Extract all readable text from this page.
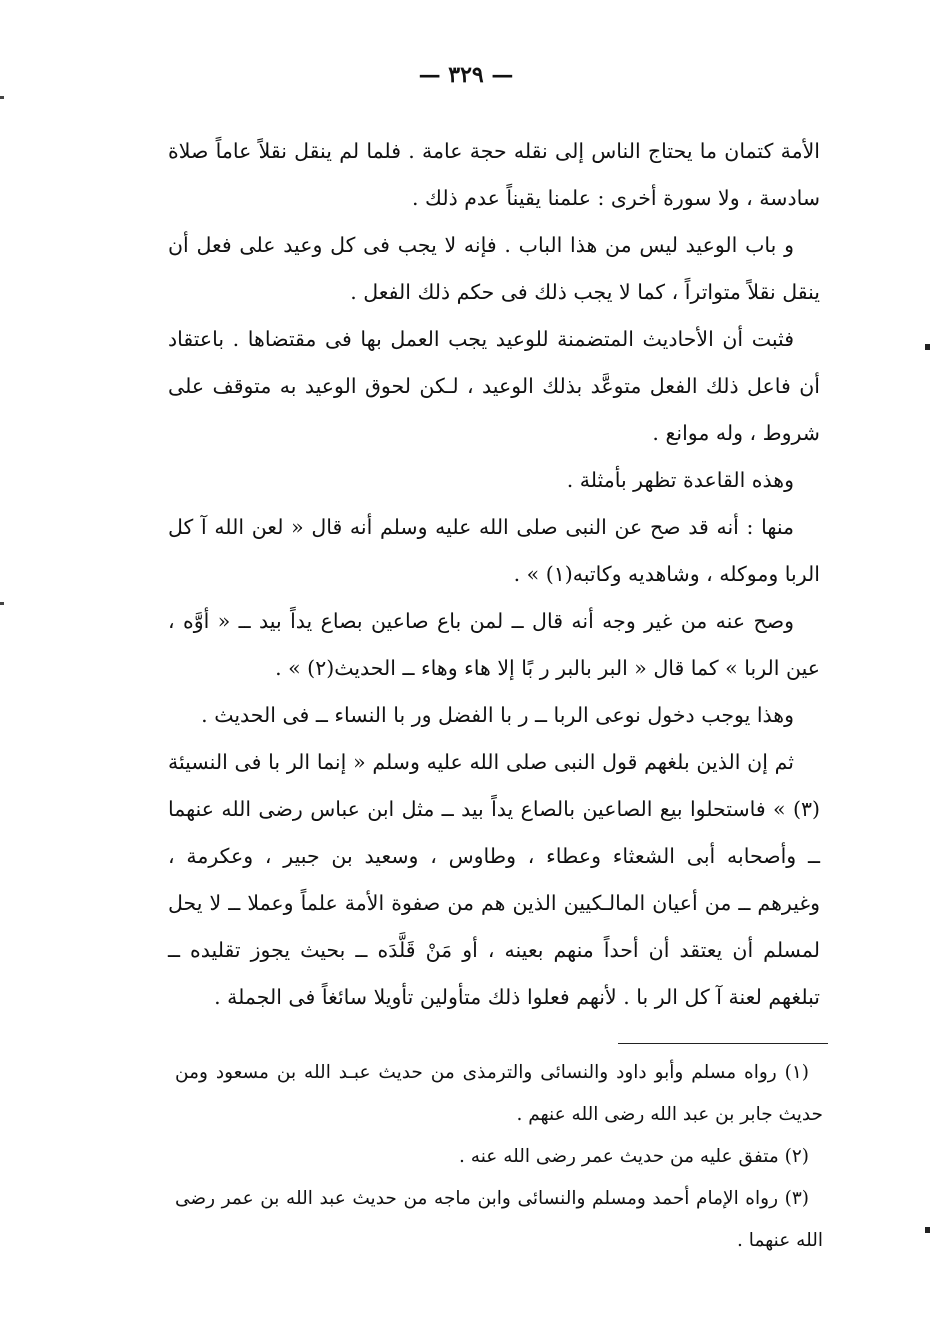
— ٣٢٩ —

الأمة كتمان ما يحتاج الناس إلى نقله حجة عامة . فلما لم ينقل نقلاً عاماً صلاة سادسة ، ولا سورة أخرى : علمنا يقيناً عدم ذلك .

و باب الوعيد ليس من هذا الباب . فإنه لا يجب فى كل وعيد على فعل أن ينقل نقلاً متواتراً ، كما لا يجب ذلك فى حكم ذلك الفعل .

فثبت أن الأحاديث المتضمنة للوعيد يجب العمل بها فى مقتضاها . باعتقاد أن فاعل ذلك الفعل متوعَّد بذلك الوعيد ، لـكن لحوق الوعيد به متوقف على شروط ، وله موانع .

وهذه القاعدة تظهر بأمثلة .

منها : أنه قد صح عن النبى صلى الله عليه وسلم أنه قال « لعن الله آ كل الربا وموكله ، وشاهديه وكاتبه(١) » .

وصح عنه من غير وجه أنه قال ــ لمن باع صاعين بصاع يداً بيد ــ « أوَّه ، عين الربا » كما قال « البر بالبر ر بًا إلا هاء وهاء ــ الحديث(٢) » .

وهذا يوجب دخول نوعى الربا ــ ر با الفضل ور با النساء ــ فى الحديث .

ثم إن الذين بلغهم قول النبى صلى الله عليه وسلم « إنما الر با فى النسيئة (٣) » فاستحلوا بيع الصاعين بالصاع يداً بيد ــ مثل ابن عباس رضى الله عنهما ــ وأصحابه أبى الشعثاء وعطاء ، وطاوس ، وسعيد بن جبير ، وعكرمة ، وغيرهم ــ من أعيان المالـكيين الذين هم من صفوة الأمة علماً وعملا ــ لا يحل لمسلم أن يعتقد أن أحداً منهم بعينه ، أو مَنْ قَلَّدَه ــ بحيث يجوز تقليده ــ تبلغهم لعنة آ كل الر با . لأنهم فعلوا ذلك متأولين تأويلا سائغاً فى الجملة .

(١) رواه مسلم وأبو داود والنسائى والترمذى من حديث عبـد الله بن مسعود ومن حديث جابر بن عبد الله رضى الله عنهم .

(٢) متفق عليه من حديث عمر رضى الله عنه .

(٣) رواه الإمام أحمد ومسلم والنسائى وابن ماجه من حديث عبد الله بن عمر رضى الله عنهما .
